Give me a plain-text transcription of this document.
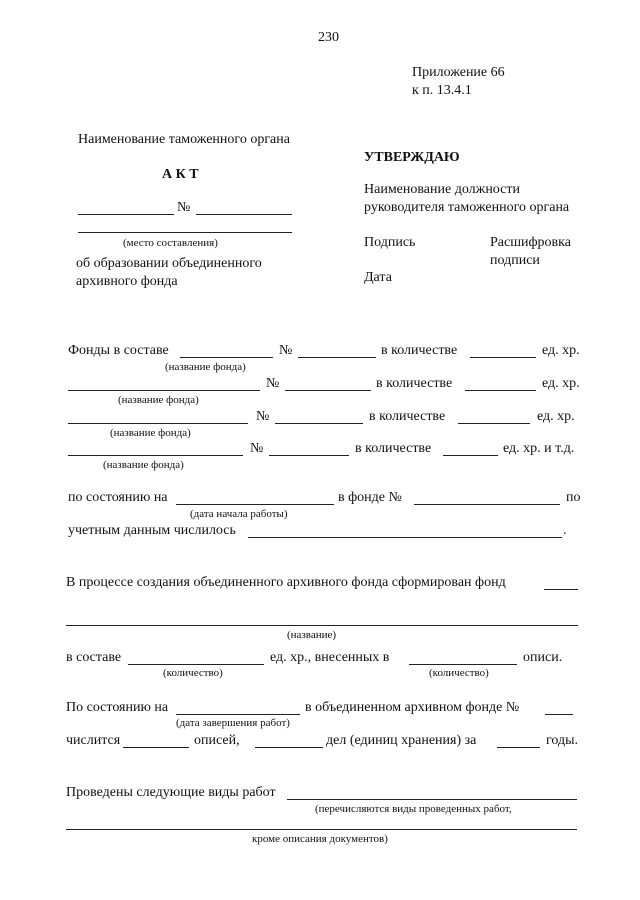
230
Приложение 66
к п. 13.4.1
Наименование таможенного органа
А К Т
№
(место составления)
об образовании объединенного
архивного фонда
УТВЕРЖДАЮ
Наименование должности
руководителя таможенного органа
Подпись	Расшифровка
подписи
Дата
Фонды в составе	№	в количестве	ед. хр.
(название фонда)
№	в количестве	ед. хр.
(название фонда)
№	в количестве	ед. хр.
(название фонда)
№	в количестве	ед. хр. и т.д.
(название фонда)
по состоянию на	в фонде №	по
(дата начала работы)
учетным данным числилось	.
В процессе создания объединенного архивного фонда сформирован фонд
(название)
в составе	ед. хр., внесенных в	описи.
(количество)	(количество)
По состоянию на	в объединенном архивном фонде №
(дата завершения работ)
числится	описей,	дел (единиц хранения) за	годы.
Проведены следующие виды работ
(перечисляются виды проведенных работ,
кроме описания документов)
